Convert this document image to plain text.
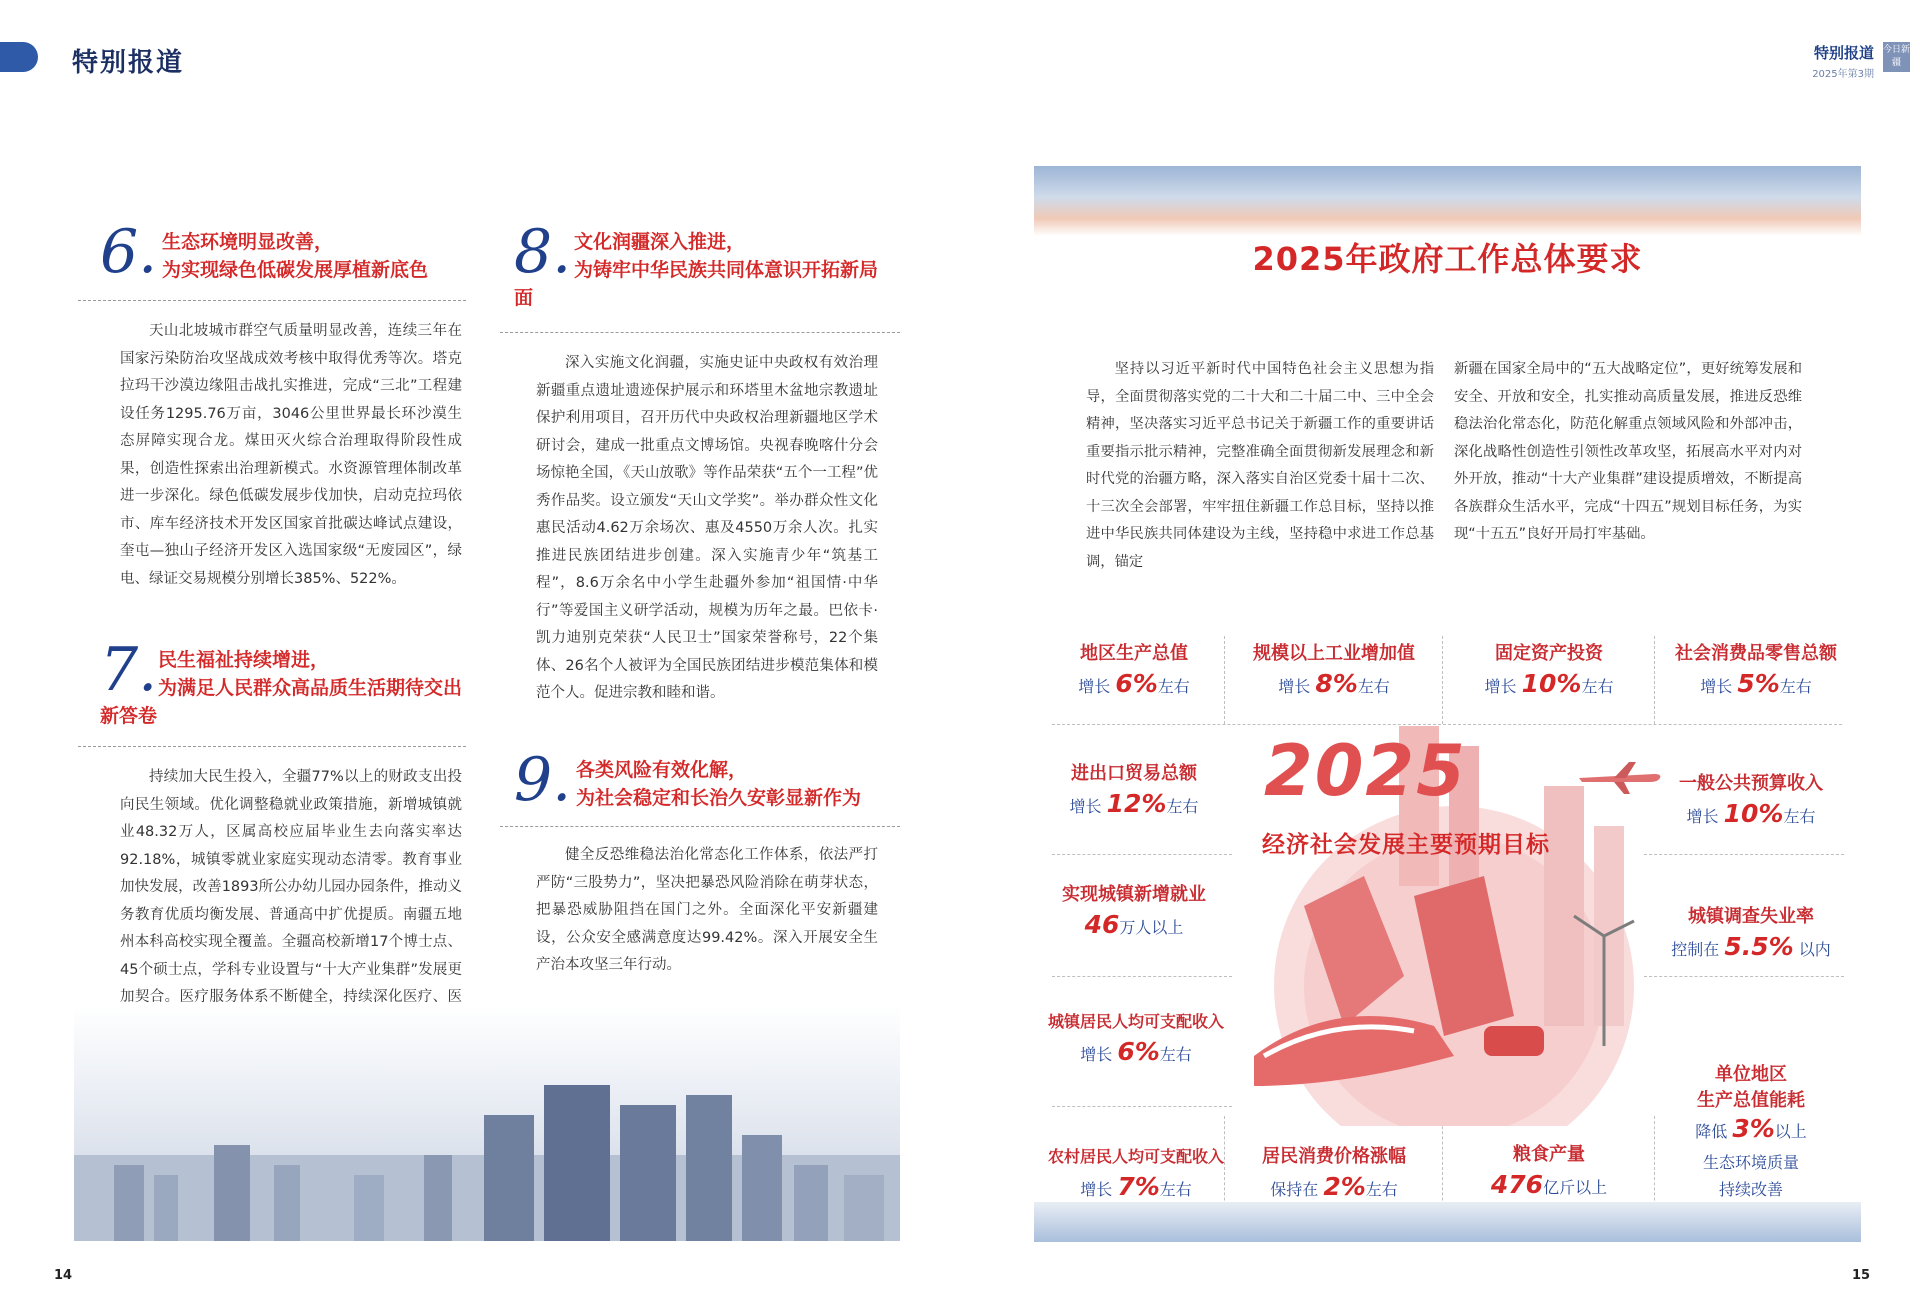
特别报道	特别报道
2025年第3期
今日新疆
6. 生态环境明显改善，
为实现绿色低碳发展厚植新底色
天山北坡城市群空气质量明显改善，连续三年在国家污染防治攻坚战成效考核中取得优秀等次。塔克拉玛干沙漠边缘阻击战扎实推进，完成“三北”工程建设任务1295.76万亩，3046公里世界最长环沙漠生态屏障实现合龙。煤田灭火综合治理取得阶段性成果，创造性探索出治理新模式。水资源管理体制改革进一步深化。绿色低碳发展步伐加快，启动克拉玛依市、库车经济技术开发区国家首批碳达峰试点建设，奎屯—独山子经济开发区入选国家级“无废园区”，绿电、绿证交易规模分别增长385%、522%。
7. 民生福祉持续增进，
为满足人民群众高品质生活期待交出新答卷
持续加大民生投入，全疆77%以上的财政支出投向民生领域。优化调整稳就业政策措施，新增城镇就业48.32万人，区属高校应届毕业生去向落实率达92.18%，城镇零就业家庭实现动态清零。教育事业加快发展，改善1893所公办幼儿园办园条件，推动义务教育优质均衡发展、普通高中扩优提质。南疆五地州本科高校实现全覆盖。全疆高校新增17个博士点、45个硕士点，学科专业设置与“十大产业集群”发展更加契合。医疗服务体系不断健全，持续深化医疗、医
8. 文化润疆深入推进，
为铸牢中华民族共同体意识开拓新局面
深入实施文化润疆，实施史证中央政权有效治理新疆重点遗址遗迹保护展示和环塔里木盆地宗教遗址保护利用项目，召开历代中央政权治理新疆地区学术研讨会，建成一批重点文博场馆。央视春晚喀什分会场惊艳全国，《天山放歌》等作品荣获“五个一工程”优秀作品奖。设立颁发“天山文学奖”。举办群众性文化惠民活动4.62万余场次、惠及4550万余人次。扎实推进民族团结进步创建。深入实施青少年“筑基工程”，8.6万余名中小学生赴疆外参加“祖国情·中华行”等爱国主义研学活动，规模为历年之最。巴依卡·凯力迪别克荣获“人民卫士”国家荣誉称号，22个集体、26名个人被评为全国民族团结进步模范集体和模范个人。促进宗教和睦和谐。
9. 各类风险有效化解，
为社会稳定和长治久安彰显新作为
健全反恐维稳法治化常态化工作体系，依法严打严防“三股势力”，坚决把暴恐风险消除在萌芽状态，把暴恐威胁阻挡在国门之外。全面深化平安新疆建设，公众安全感满意度达99.42%。深入开展安全生产治本攻坚三年行动。
14
2025年政府工作总体要求
坚持以习近平新时代中国特色社会主义思想为指导，全面贯彻落实党的二十大和二十届二中、三中全会精神，坚决落实习近平总书记关于新疆工作的重要讲话重要指示批示精神，完整准确全面贯彻新发展理念和新时代党的治疆方略，深入落实自治区党委十届十二次、十三次全会部署，牢牢扭住新疆工作总目标，坚持以推进中华民族共同体建设为主线，坚持稳中求进工作总基调，锚定
新疆在国家全局中的“五大战略定位”，更好统筹发展和安全、开放和安全，扎实推动高质量发展，推进反恐维稳法治化常态化，防范化解重点领域风险和外部冲击，深化战略性创造性引领性改革攻坚，拓展高水平对内对外开放，推动“十大产业集群”建设提质增效，不断提高各族群众生活水平，完成“十四五”规划目标任务，为实现“十五五”良好开局打牢基础。
2025
经济社会发展主要预期目标
地区生产总值
增长 6%左右
规模以上工业增加值
增长 8%左右
固定资产投资
增长 10%左右
社会消费品零售总额
增长 5%左右
进出口贸易总额
增长 12%左右
一般公共预算收入
增长 10%左右
实现城镇新增就业
46万人以上
城镇调查失业率
控制在 5.5% 以内
城镇居民人均可支配收入
增长 6%左右
单位地区
生产总值能耗
降低 3%以上
生态环境质量
持续改善
农村居民人均可支配收入
增长 7%左右
居民消费价格涨幅
保持在 2%左右
粮食产量
476亿斤以上
15
